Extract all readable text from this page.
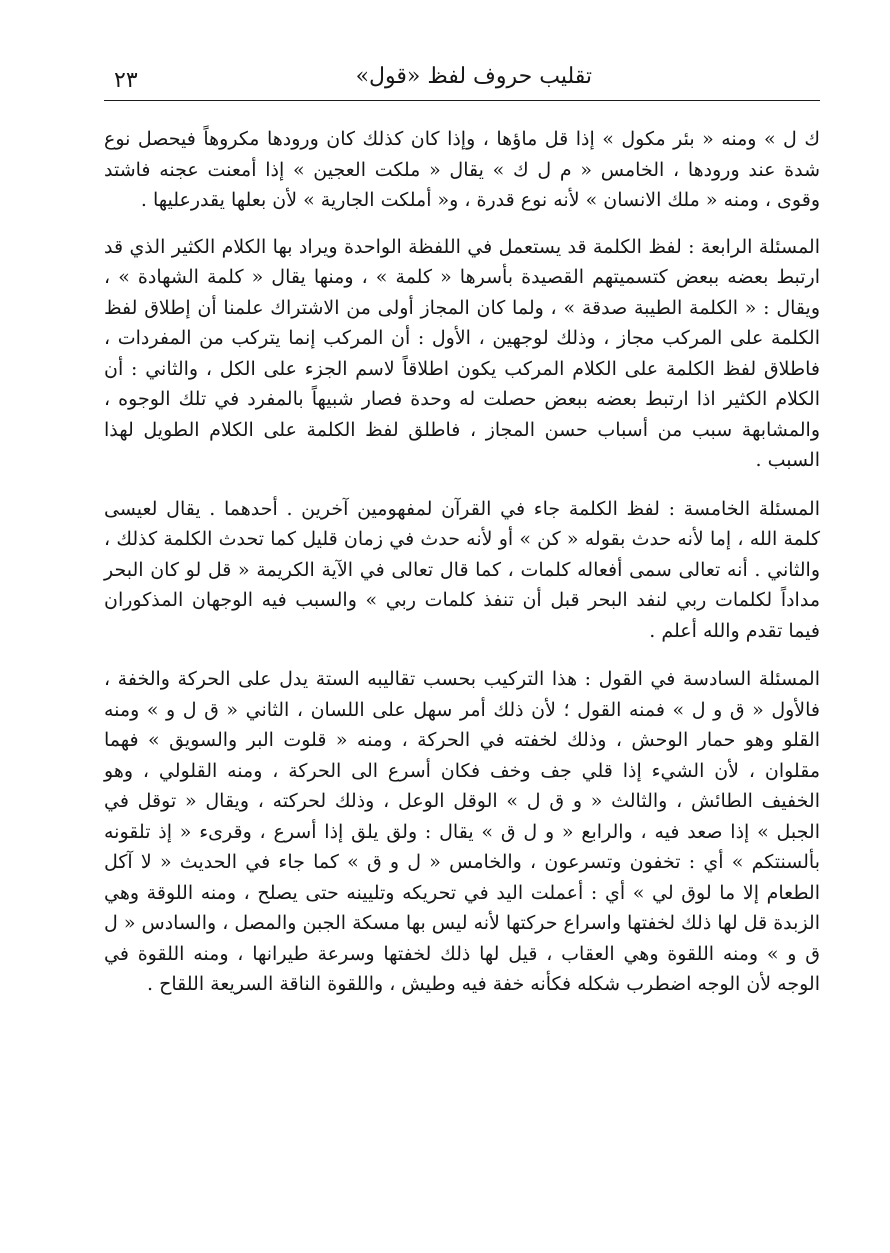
تقليب حروف لفظ «قول»
٢٣

ك ل » ومنه « بئر مكول » إذا قل ماؤها ، وإذا كان كذلك كان ورودها مكروهاً فيحصل نوع شدة عند ورودها ، الخامس « م ل ك » يقال « ملكت العجين » إذا أمعنت عجنه فاشتد وقوى ، ومنه « ملك الانسان » لأنه نوع قدرة ، و« أملكت الجارية » لأن بعلها يقدرعليها .

المسئلة الرابعة : لفظ الكلمة قد يستعمل في اللفظة الواحدة ويراد بها الكلام الكثير الذي قد ارتبط بعضه ببعض كتسميتهم القصيدة بأسرها « كلمة » ، ومنها يقال « كلمة الشهادة » ، ويقال : « الكلمة الطيبة صدقة » ، ولما كان المجاز أولى من الاشتراك علمنا أن إطلاق لفظ الكلمة على المركب مجاز ، وذلك لوجهين ، الأول : أن المركب إنما يتركب من المفردات ، فاطلاق لفظ الكلمة على الكلام المركب يكون اطلاقاً لاسم الجزء على الكل ، والثاني : أن الكلام الكثير اذا ارتبط بعضه ببعض حصلت له وحدة فصار شبيهاً بالمفرد في تلك الوجوه ، والمشابهة سبب من أسباب حسن المجاز ، فاطلق لفظ الكلمة على الكلام الطويل لهذا السبب .

المسئلة الخامسة : لفظ الكلمة جاء في القرآن لمفهومين آخرين . أحدهما . يقال لعيسى كلمة الله ، إما لأنه حدث بقوله « كن » أو لأنه حدث في زمان قليل كما تحدث الكلمة كذلك ، والثاني . أنه تعالى سمى أفعاله كلمات ، كما قال تعالى في الآية الكريمة « قل لو كان البحر مداداً لكلمات ربي لنفد البحر قبل أن تنفذ كلمات ربي » والسبب فيه الوجهان المذكوران فيما تقدم والله أعلم .

المسئلة السادسة في القول : هذا التركيب بحسب تقاليبه الستة يدل على الحركة والخفة ، فالأول « ق و ل » فمنه القول ؛ لأن ذلك أمر سهل على اللسان ، الثاني « ق ل و » ومنه القلو وهو حمار الوحش ، وذلك لخفته في الحركة ، ومنه « قلوت البر والسويق » فهما مقلوان ، لأن الشيء إذا قلي جف وخف فكان أسرع الى الحركة ، ومنه القلولي ، وهو الخفيف الطائش ، والثالث « و ق ل » الوقل الوعل ، وذلك لحركته ، ويقال « توقل في الجبل » إذا صعد فيه ، والرابع « و ل ق » يقال : ولق يلق إذا أسرع ، وقرىء « إذ تلقونه بألسنتكم » أي : تخفون وتسرعون ، والخامس « ل و ق » كما جاء في الحديث « لا آكل الطعام إلا ما لوق لي » أي : أعملت اليد في تحريكه وتليينه حتى يصلح ، ومنه اللوقة وهي الزبدة قل لها ذلك لخفتها واسراع حركتها لأنه ليس بها مسكة الجبن والمصل ، والسادس « ل ق و » ومنه اللقوة وهي العقاب ، قيل لها ذلك لخفتها وسرعة طيرانها ، ومنه اللقوة في الوجه لأن الوجه اضطرب شكله فكأنه خفة فيه وطيش ، واللقوة الناقة السريعة اللقاح .
